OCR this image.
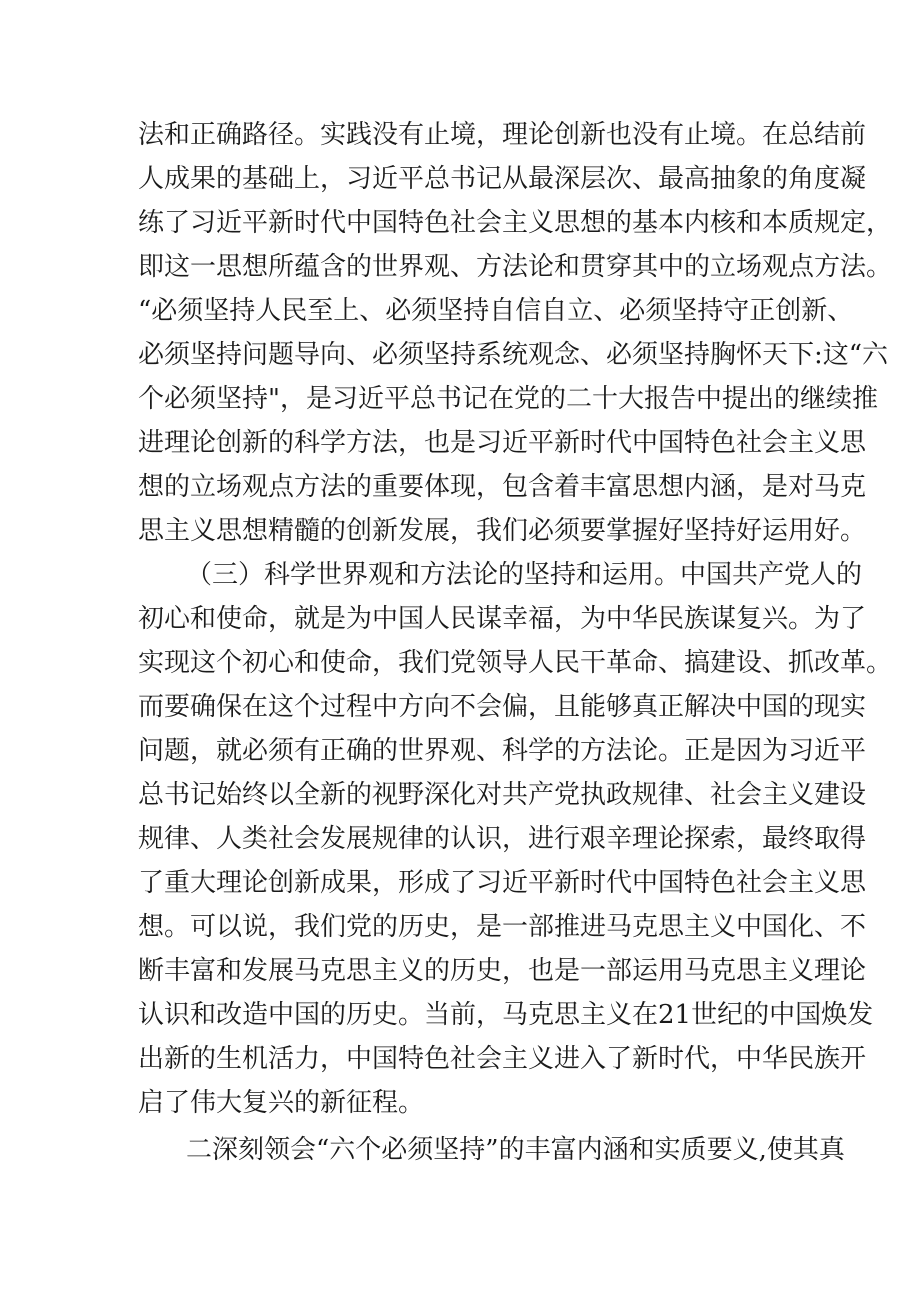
法和正确路径。实践没有止境，理论创新也没有止境。在总结前
人成果的基础上，习近平总书记从最深层次、最高抽象的角度凝
练了习近平新时代中国特色社会主义思想的基本内核和本质规定，
即这一思想所蕴含的世界观、方法论和贯穿其中的立场观点方法。
“必须坚持人民至上、必须坚持自信自立、必须坚持守正创新、
必须坚持问题导向、必须坚持系统观念、必须坚持胸怀天下:这“六
个必须坚持"，是习近平总书记在党的二十大报告中提出的继续推
进理论创新的科学方法，也是习近平新时代中国特色社会主义思
想的立场观点方法的重要体现，包含着丰富思想内涵，是对马克
思主义思想精髓的创新发展，我们必须要掌握好坚持好运用好。
（三）科学世界观和方法论的坚持和运用。中国共产党人的
初心和使命，就是为中国人民谋幸福，为中华民族谋复兴。为了
实现这个初心和使命，我们党领导人民干革命、搞建设、抓改革。
而要确保在这个过程中方向不会偏，且能够真正解决中国的现实
问题，就必须有正确的世界观、科学的方法论。正是因为习近平
总书记始终以全新的视野深化对共产党执政规律、社会主义建设
规律、人类社会发展规律的认识，进行艰辛理论探索，最终取得
了重大理论创新成果，形成了习近平新时代中国特色社会主义思
想。可以说，我们党的历史，是一部推进马克思主义中国化、不
断丰富和发展马克思主义的历史，也是一部运用马克思主义理论
认识和改造中国的历史。当前，马克思主义在21世纪的中国焕发
出新的生机活力，中国特色社会主义进入了新时代，中华民族开
启了伟大复兴的新征程。
二深刻领会“六个必须坚持”的丰富内涵和实质要义,使其真
